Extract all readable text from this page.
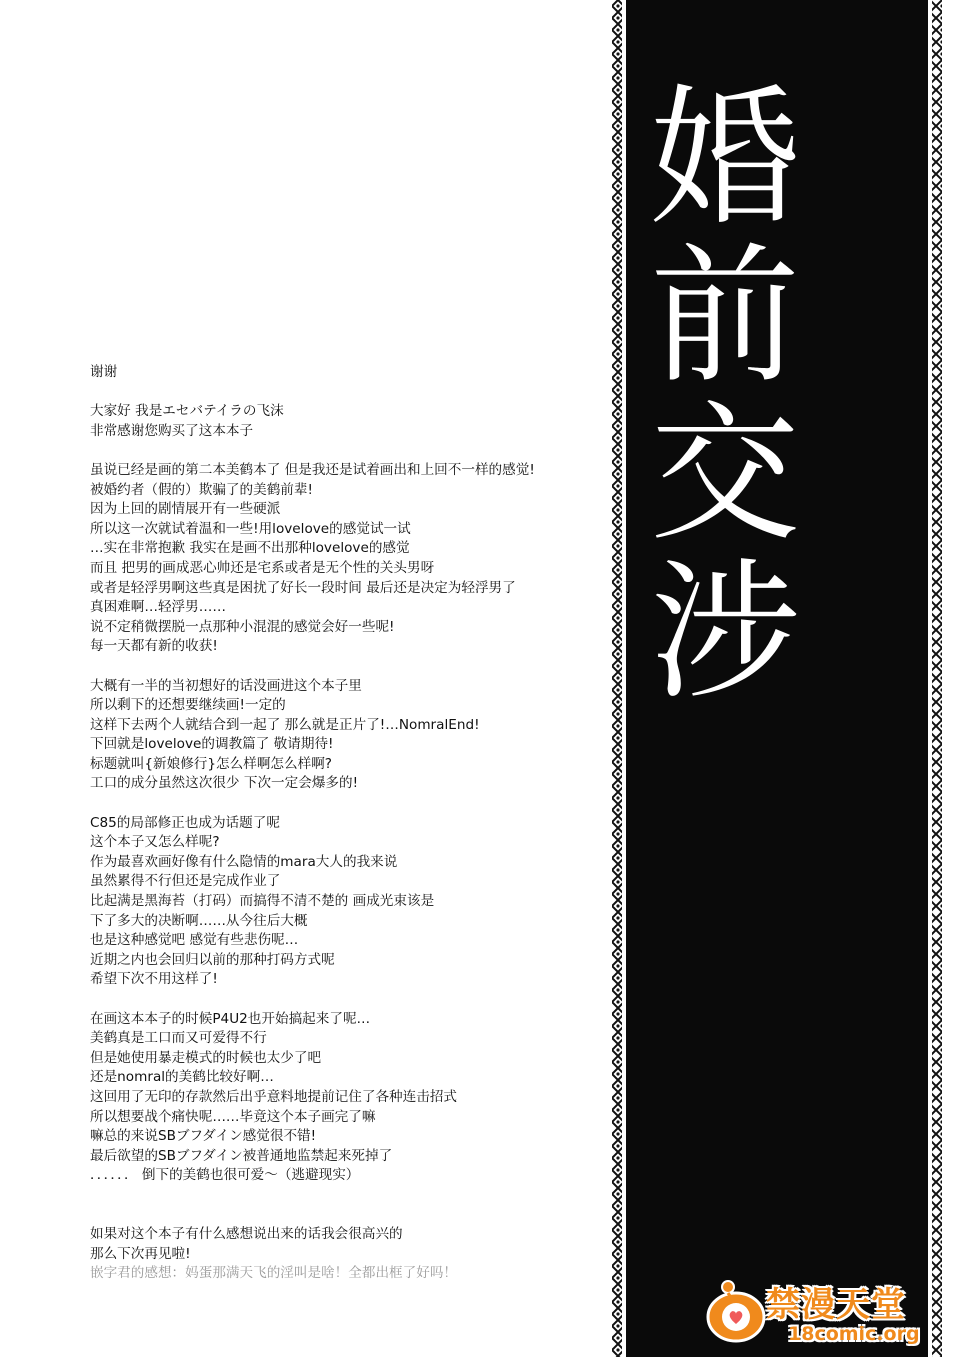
婚
前
交
涉
谢谢
大家好 我是エセバテイラの飞沫
非常感谢您购买了这本本子
虽说已经是画的第二本美鹤本了 但是我还是试着画出和上回不一样的感觉!
被婚约者（假的）欺骗了的美鹤前辈!
因为上回的剧情展开有一些硬派
所以这一次就试着温和一些!用lovelove的感觉试一试
…实在非常抱歉 我实在是画不出那种lovelove的感觉
而且 把男的画成恶心帅还是宅系或者是无个性的关头男呀
或者是轻浮男啊这些真是困扰了好长一段时间 最后还是决定为轻浮男了
真困难啊…轻浮男……
说不定稍微摆脱一点那种小混混的感觉会好一些呢!
每一天都有新的收获!
大概有一半的当初想好的话没画进这个本子里
所以剩下的还想要继续画!一定的
这样下去两个人就结合到一起了 那么就是正片了!…NomralEnd!
下回就是lovelove的调教篇了 敬请期待!
标题就叫{新娘修行}怎么样啊怎么样啊?
工口的成分虽然这次很少 下次一定会爆多的!
C85的局部修正也成为话题了呢
这个本子又怎么样呢?
作为最喜欢画好像有什么隐情的mara大人的我来说
虽然累得不行但还是完成作业了
比起满是黑海苔（打码）而搞得不清不楚的 画成光束该是
下了多大的决断啊……从今往后大概
也是这种感觉吧 感觉有些悲伤呢…
近期之内也会回归以前的那种打码方式呢
希望下次不用这样了!
在画这本本子的时候P4U2也开始搞起来了呢…
美鹤真是工口而又可爱得不行
但是她使用暴走模式的时候也太少了吧
还是nomral的美鹤比较好啊…
这回用了无印的存款然后出乎意料地提前记住了各种连击招式
所以想要战个痛快呢……毕竟这个本子画完了嘛
嘛总的来说SBブフダイン感觉很不错!
最后欲望的SBブフダイン被普通地监禁起来死掉了
．．．．．． 倒下的美鹤也很可爱～（逃避现实）
如果对这个本子有什么感想说出来的话我会很高兴的
那么下次再见啦!
嵌字君的感想：妈蛋那满天飞的淫叫是啥！全都出框了好吗！
禁漫天堂
18comic.org
